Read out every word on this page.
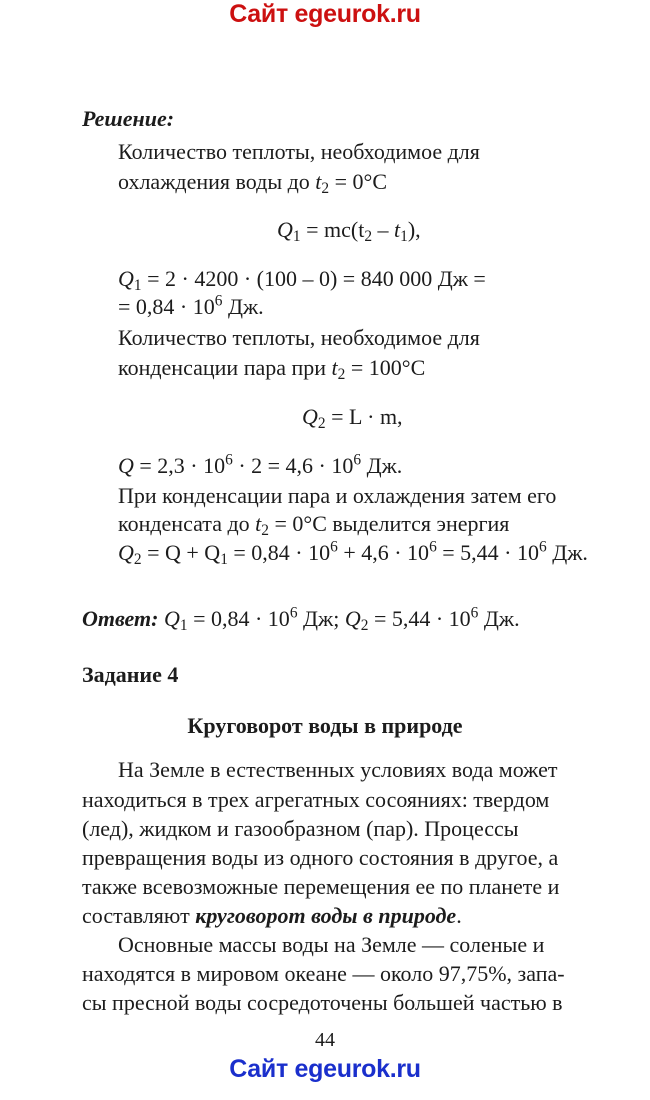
Сайт egeurok.ru
Решение:
Количество теплоты, необходимое для
охлаждения воды до $t_2 = 0^\circ C$
$Q_1 = mc(t_2 - t_1)$,
$Q_1 = 2 \cdot 4200 \cdot (100 - 0) = 840$ 000 Дж =
= $0,84 \cdot 10^6$ Дж.
Количество теплоты, необходимое для
конденсации пара при $t_2 = 100^\circ C$
$Q_2 = L \cdot m$,
$Q = 2,3 \cdot 10^6 \cdot 2 = 4,6 \cdot 10^6$ Дж.
При конденсации пара и охлаждения затем его
конденсата до $t_2 = 0^\circ C$ выделится энергия
$Q_2 = Q + Q_1 = 0,84 \cdot 10^6 + 4,6 \cdot 10^6 = 5,44 \cdot 10^6$ Дж.
Ответ: $Q_1 = 0,84 \cdot 10^6$ Дж; $Q_2 = 5,44 \cdot 10^6$ Дж.
Задание 4
Круговорот воды в природе
На Земле в естественных условиях вода может
находиться в трех агрегатных сосояниях: твердом
(лед), жидком и газообразном (пар). Процессы
превращения воды из одного состояния в другое, а
также всевозможные перемещения ее по планете и
составляют круговорот воды в природе.
Основные массы воды на Земле — соленые и
находятся в мировом океане — около 97,75%, запа-
сы пресной воды сосредоточены большей частью в
44
Сайт egeurok.ru
